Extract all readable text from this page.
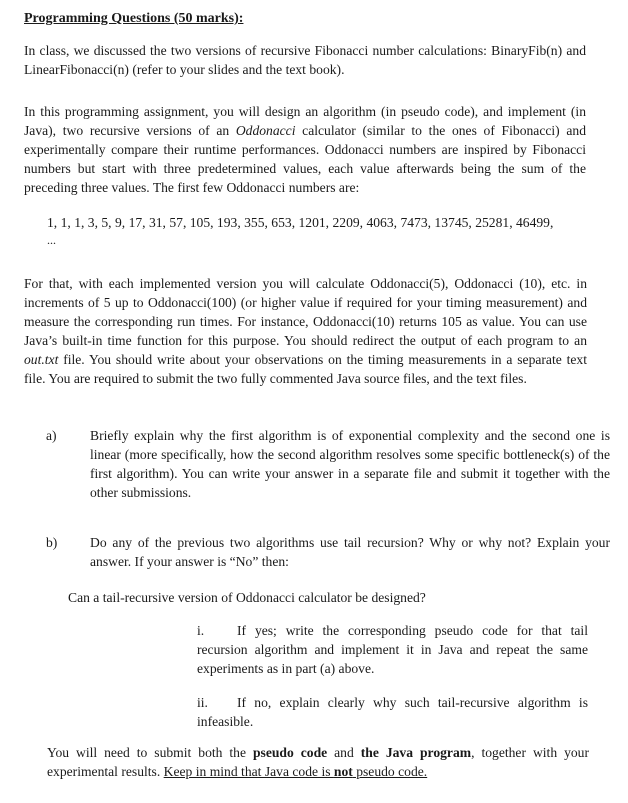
Programming Questions (50 marks):

In class, we discussed the two versions of recursive Fibonacci number calculations: BinaryFib(n) and LinearFibonacci(n) (refer to your slides and the text book).

In this programming assignment, you will design an algorithm (in pseudo code), and implement (in Java), two recursive versions of an Oddonacci calculator (similar to the ones of Fibonacci) and experimentally compare their runtime performances. Oddonacci numbers are inspired by Fibonacci numbers but start with three predetermined values, each value afterwards being the sum of the preceding three values. The first few Oddonacci numbers are:

1, 1, 1, 3, 5, 9, 17, 31, 57, 105, 193, 355, 653, 1201, 2209, 4063, 7473, 13745, 25281, 46499,

...

For that, with each implemented version you will calculate Oddonacci(5), Oddonacci (10), etc. in increments of 5 up to Oddonacci(100) (or higher value if required for your timing measurement) and measure the corresponding run times. For instance, Oddonacci(10) returns 105 as value. You can use Java’s built-in time function for this purpose. You should redirect the output of each program to an out.txt file. You should write about your observations on the timing measurements in a separate text file. You are required to submit the two fully commented Java source files, and the text files.

a) Briefly explain why the first algorithm is of exponential complexity and the second one is linear (more specifically, how the second algorithm resolves some specific bottleneck(s) of the first algorithm). You can write your answer in a separate file and submit it together with the other submissions.

b) Do any of the previous two algorithms use tail recursion? Why or why not? Explain your answer. If your answer is “No” then:

Can a tail-recursive version of Oddonacci calculator be designed?

i. If yes; write the corresponding pseudo code for that tail recursion algorithm and implement it in Java and repeat the same experiments as in part (a) above.

ii. If no, explain clearly why such tail-recursive algorithm is infeasible.

You will need to submit both the pseudo code and the Java program, together with your experimental results. Keep in mind that Java code is not pseudo code.
